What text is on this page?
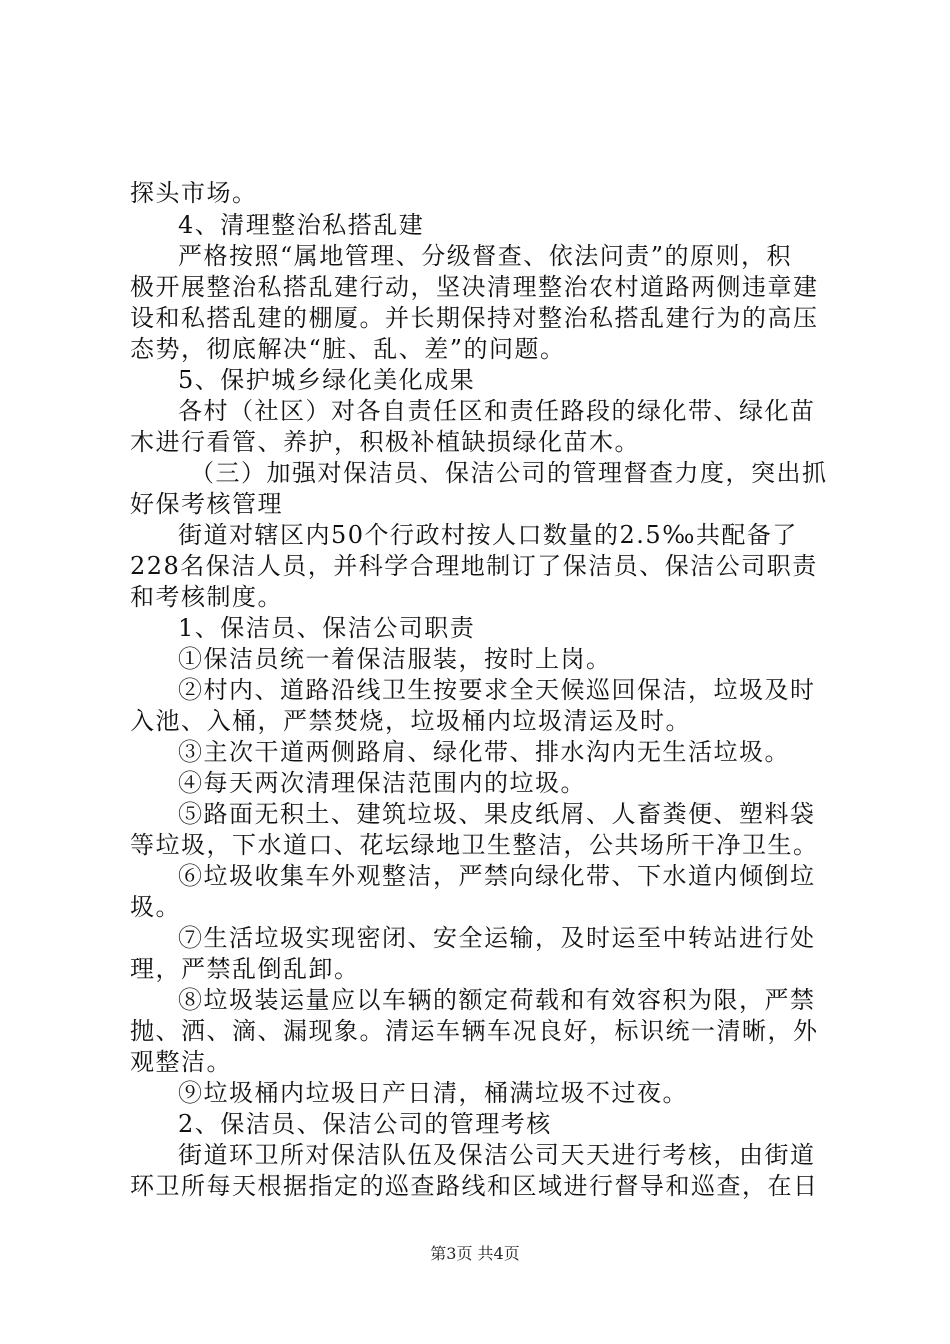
探头市场。
4、清理整治私搭乱建
严格按照“属地管理、分级督查、依法问责”的原则，积
极开展整治私搭乱建行动，坚决清理整治农村道路两侧违章建
设和私搭乱建的棚厦。并长期保持对整治私搭乱建行为的高压
态势，彻底解决“脏、乱、差”的问题。
5、保护城乡绿化美化成果
各村（社区）对各自责任区和责任路段的绿化带、绿化苗
木进行看管、养护，积极补植缺损绿化苗木。
（三）加强对保洁员、保洁公司的管理督查力度，突出抓
好保考核管理
街道对辖区内50个行政村按人口数量的2.5‰共配备了
228名保洁人员，并科学合理地制订了保洁员、保洁公司职责
和考核制度。
1、保洁员、保洁公司职责
①保洁员统一着保洁服装，按时上岗。
②村内、道路沿线卫生按要求全天候巡回保洁，垃圾及时
入池、入桶，严禁焚烧，垃圾桶内垃圾清运及时。
③主次干道两侧路肩、绿化带、排水沟内无生活垃圾。
④每天两次清理保洁范围内的垃圾。
⑤路面无积土、建筑垃圾、果皮纸屑、人畜粪便、塑料袋
等垃圾，下水道口、花坛绿地卫生整洁，公共场所干净卫生。
⑥垃圾收集车外观整洁，严禁向绿化带、下水道内倾倒垃
圾。
⑦生活垃圾实现密闭、安全运输，及时运至中转站进行处
理，严禁乱倒乱卸。
⑧垃圾装运量应以车辆的额定荷载和有效容积为限，严禁
抛、洒、滴、漏现象。清运车辆车况良好，标识统一清晰，外
观整洁。
⑨垃圾桶内垃圾日产日清，桶满垃圾不过夜。
2、保洁员、保洁公司的管理考核
街道环卫所对保洁队伍及保洁公司天天进行考核，由街道
环卫所每天根据指定的巡查路线和区域进行督导和巡查，在日
第3页 共4页
